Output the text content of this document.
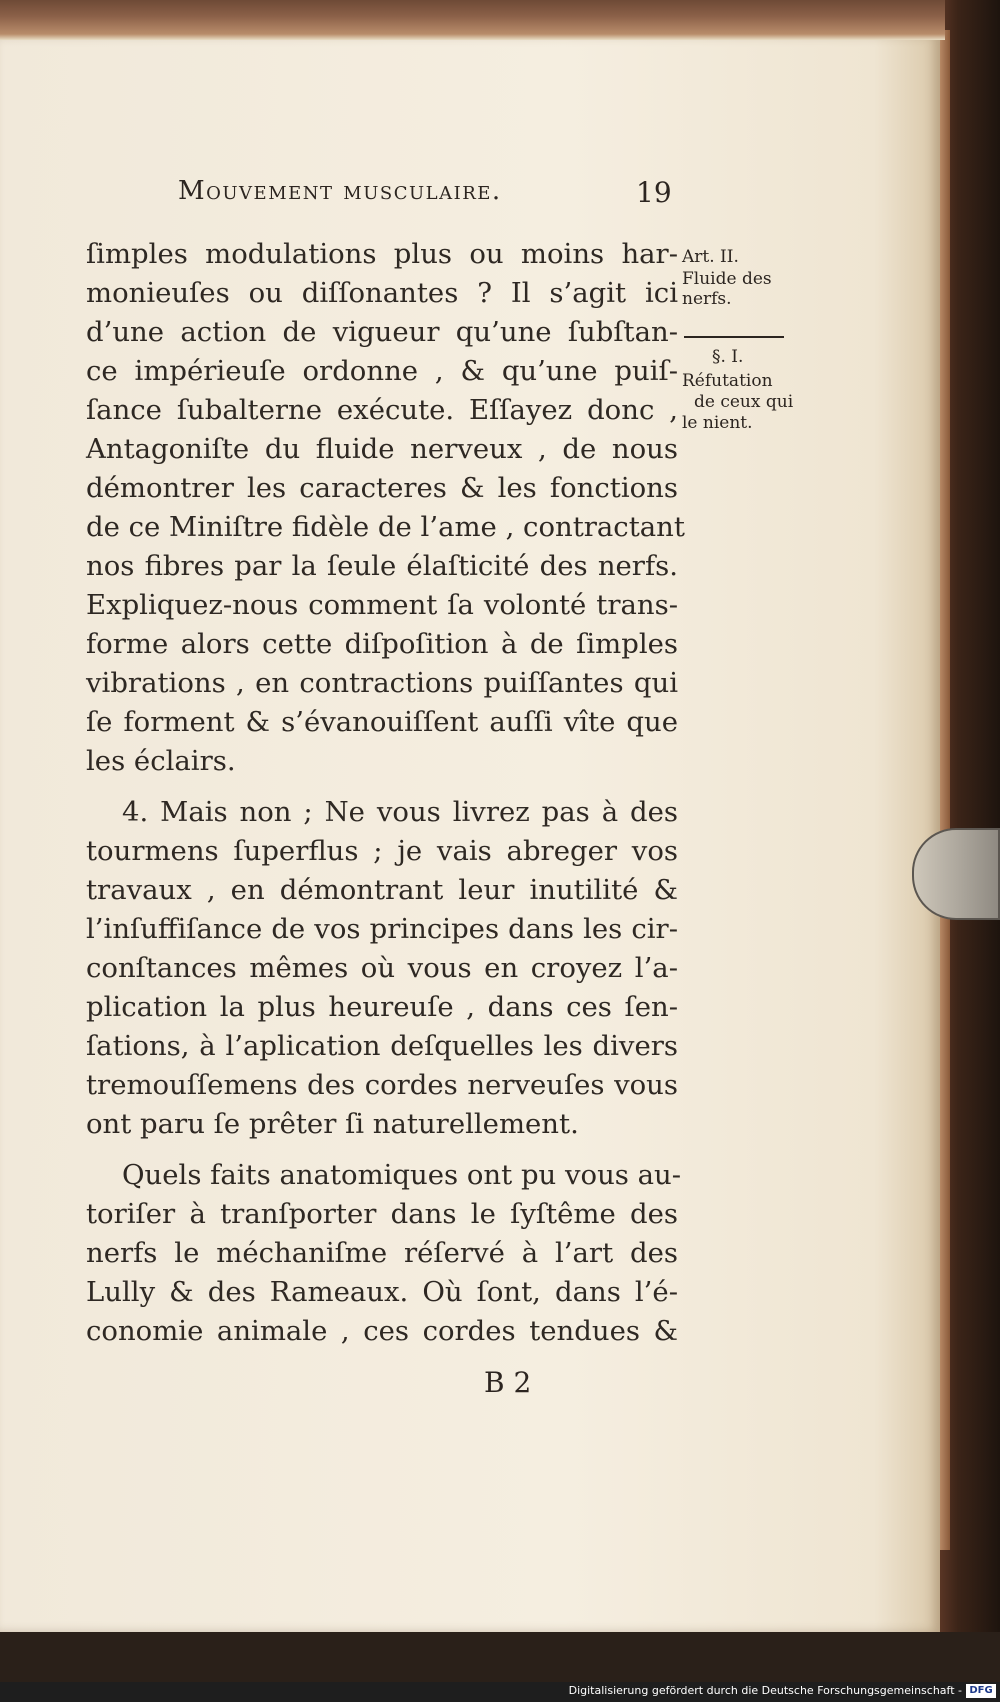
Mouvement musculaire.	19
Art. II.
Fluide des
nerfs.
§. I.
Réfutation
de ceux qui
le nient.
ſimples modulations plus ou moins har-
monieuſes ou diſſonantes ? Il s’agit ici
d’une action de vigueur qu’une ſubſtan-
ce impérieuſe ordonne , & qu’une puiſ-
ſance ſubalterne exécute. Eſſayez donc ,
Antagoniſte du fluide nerveux , de nous
démontrer les caracteres & les fonctions
de ce Miniſtre fidèle de l’ame , contractant
nos fibres par la ſeule élaſticité des nerfs.
Expliquez-nous comment ſa volonté trans-
forme alors cette diſpoſition à de ſimples
vibrations , en contractions puiſſantes qui
ſe forment & s’évanouiſſent auſſi vîte que
les éclairs.
4. Mais non ; Ne vous livrez pas à des
tourmens ſuperflus ; je vais abreger vos
travaux , en démontrant leur inutilité &
l’inſuffiſance de vos principes dans les cir-
conſtances mêmes où vous en croyez l’a-
plication la plus heureuſe , dans ces ſen-
ſations, à l’aplication deſquelles les divers
tremouſſemens des cordes nerveuſes vous
ont paru ſe prêter ſi naturellement.
Quels faits anatomiques ont pu vous au-
toriſer à tranſporter dans le ſyſtême des
nerfs le méchaniſme réſervé à l’art des
Lully & des Rameaux. Où ſont, dans l’é-
conomie animale , ces cordes tendues &
B 2
Digitalisierung gefördert durch die Deutsche Forschungsgemeinschaft - DFG
